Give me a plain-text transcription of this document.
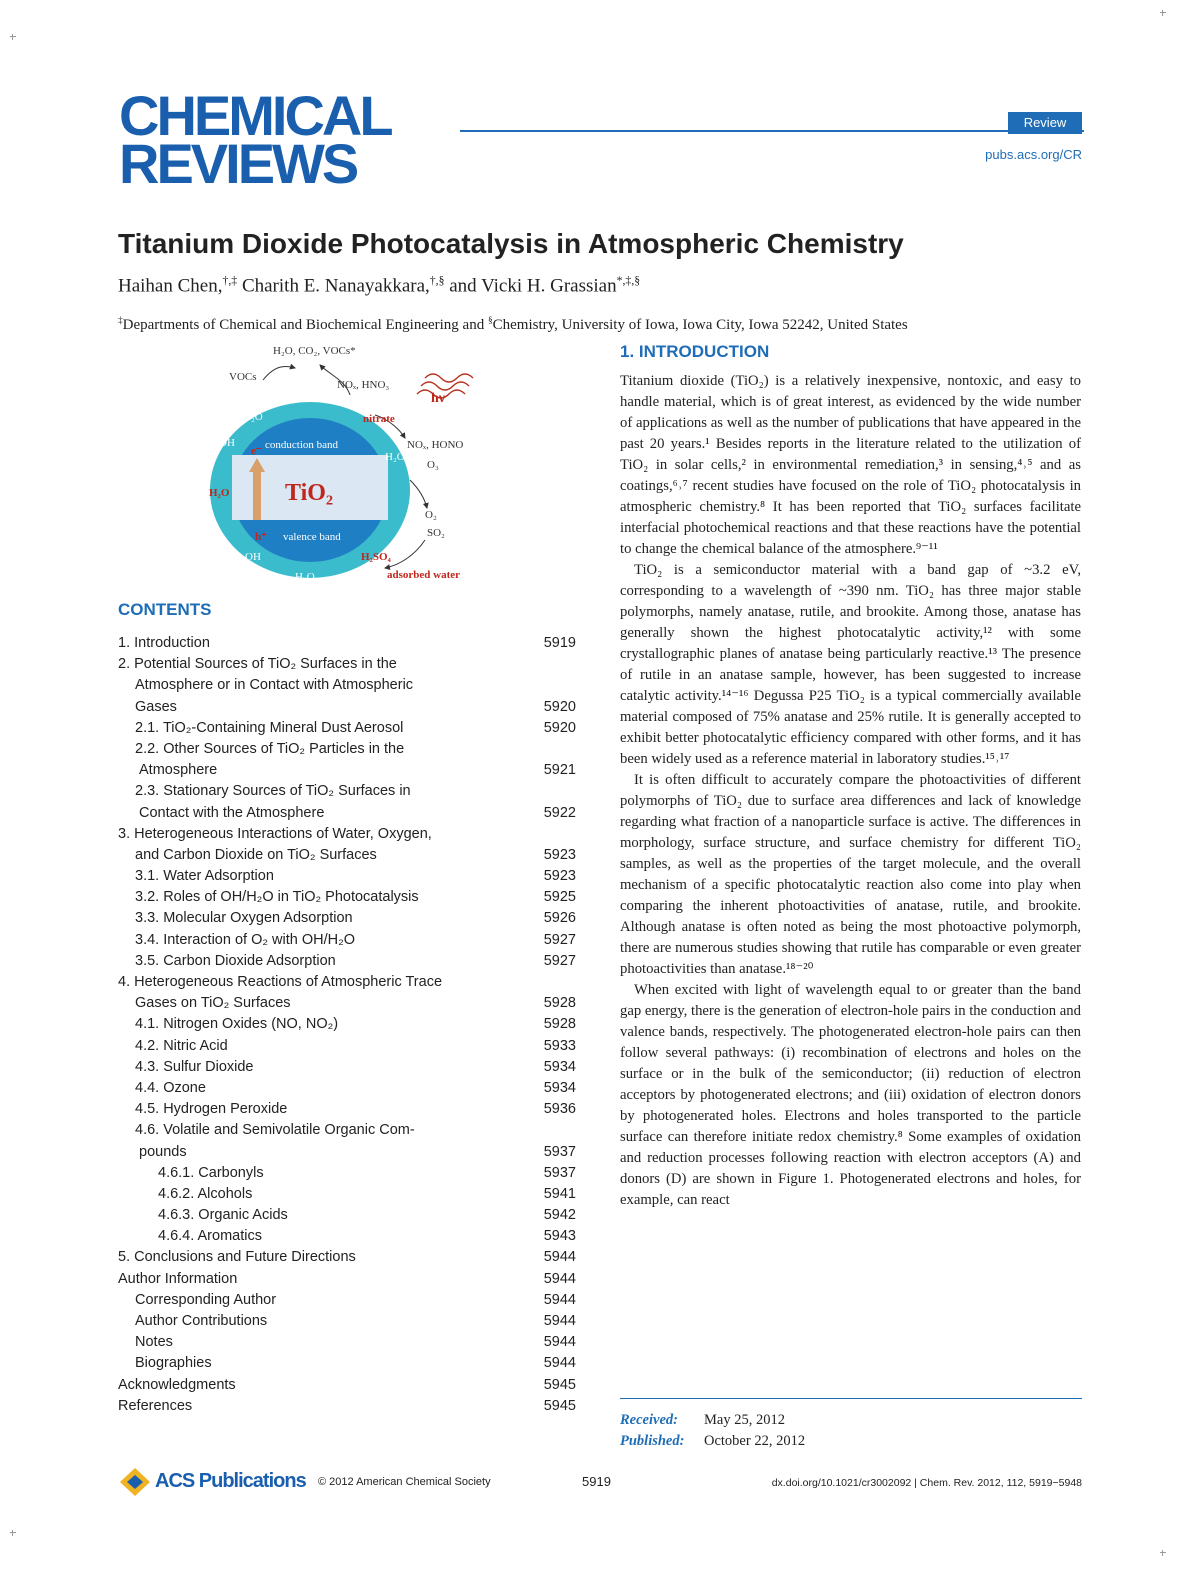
CHEMICAL
REVIEWS
Review
pubs.acs.org/CR
Titanium Dioxide Photocatalysis in Atmospheric Chemistry
Haihan Chen,†,‡ Charith E. Nanayakkara,†,§ and Vicki H. Grassian*,‡,§
‡Departments of Chemical and Biochemical Engineering and §Chemistry, University of Iowa, Iowa City, Iowa 52242, United States
H₂O, CO₂, VOCs*
VOCs
NOₓ, HNO₃
hν
H₂O	nitrate
OH
e⁻ conduction band	NOₓ, HONO
H₂O
O₃
H₂O TiO₂
O₂
SO₂
h⁺ valence band
OH	H₂SO₄
H₂O	adsorbed water
CONTENTS
1. Introduction	5919
2. Potential Sources of TiO₂ Surfaces in the
Atmosphere or in Contact with Atmospheric
Gases	5920
2.1. TiO₂-Containing Mineral Dust Aerosol	5920
2.2. Other Sources of TiO₂ Particles in the
Atmosphere	5921
2.3. Stationary Sources of TiO₂ Surfaces in
Contact with the Atmosphere	5922
3. Heterogeneous Interactions of Water, Oxygen,
and Carbon Dioxide on TiO₂ Surfaces	5923
3.1. Water Adsorption	5923
3.2. Roles of OH/H₂O in TiO₂ Photocatalysis	5925
3.3. Molecular Oxygen Adsorption	5926
3.4. Interaction of O₂ with OH/H₂O	5927
3.5. Carbon Dioxide Adsorption	5927
4. Heterogeneous Reactions of Atmospheric Trace
Gases on TiO₂ Surfaces	5928
4.1. Nitrogen Oxides (NO, NO₂)	5928
4.2. Nitric Acid	5933
4.3. Sulfur Dioxide	5934
4.4. Ozone	5934
4.5. Hydrogen Peroxide	5936
4.6. Volatile and Semivolatile Organic Com-
pounds	5937
4.6.1. Carbonyls	5937
4.6.2. Alcohols	5941
4.6.3. Organic Acids	5942
4.6.4. Aromatics	5943
5. Conclusions and Future Directions	5944
Author Information	5944
Corresponding Author	5944
Author Contributions	5944
Notes	5944
Biographies	5944
Acknowledgments	5945
References	5945
1. INTRODUCTION

Titanium dioxide (TiO₂) is a relatively inexpensive, nontoxic, and easy to handle material, which is of great interest, as evidenced by the wide number of applications as well as the number of publications that have appeared in the past 20 years.¹ Besides reports in the literature related to the utilization of TiO₂ in solar cells,² in environmental remediation,³ in sensing,⁴˒⁵ and as coatings,⁶˒⁷ recent studies have focused on the role of TiO₂ photocatalysis in atmospheric chemistry.⁸ It has been reported that TiO₂ surfaces facilitate interfacial photochemical reactions and that these reactions have the potential to change the chemical balance of the atmosphere.⁹⁻¹¹

TiO₂ is a semiconductor material with a band gap of ~3.2 eV, corresponding to a wavelength of ~390 nm. TiO₂ has three major stable polymorphs, namely anatase, rutile, and brookite. Among those, anatase has generally shown the highest photocatalytic activity,¹² with some crystallographic planes of anatase being particularly reactive.¹³ The presence of rutile in an anatase sample, however, has been suggested to increase catalytic activity.¹⁴⁻¹⁶ Degussa P25 TiO₂ is a typical commercially available material composed of 75% anatase and 25% rutile. It is generally accepted to exhibit better photocatalytic efficiency compared with other forms, and it has been widely used as a reference material in laboratory studies.¹⁵˒¹⁷

It is often difficult to accurately compare the photoactivities of different polymorphs of TiO₂ due to surface area differences and lack of knowledge regarding what fraction of a nanoparticle surface is active. The differences in morphology, surface structure, and surface chemistry for different TiO₂ samples, as well as the properties of the target molecule, and the overall mechanism of a specific photocatalytic reaction also come into play when comparing the inherent photoactivities of anatase, rutile, and brookite. Although anatase is often noted as being the most photoactive polymorph, there are numerous studies showing that rutile has comparable or even greater photoactivities than anatase.¹⁸⁻²⁰

When excited with light of wavelength equal to or greater than the band gap energy, there is the generation of electron-hole pairs in the conduction and valence bands, respectively. The photogenerated electron-hole pairs can then follow several pathways: (i) recombination of electrons and holes on the surface or in the bulk of the semiconductor; (ii) reduction of electron acceptors by photogenerated electrons; and (iii) oxidation of electron donors by photogenerated holes. Electrons and holes transported to the particle surface can therefore initiate redox chemistry.⁸ Some examples of oxidation and reduction processes following reaction with electron acceptors (A) and donors (D) are shown in Figure 1. Photogenerated electrons and holes, for example, can react

Received: May 25, 2012
Published: October 22, 2012
ACS Publications © 2012 American Chemical Society	5919	dx.doi.org/10.1021/cr3002092 | Chem. Rev. 2012, 112, 5919−5948
